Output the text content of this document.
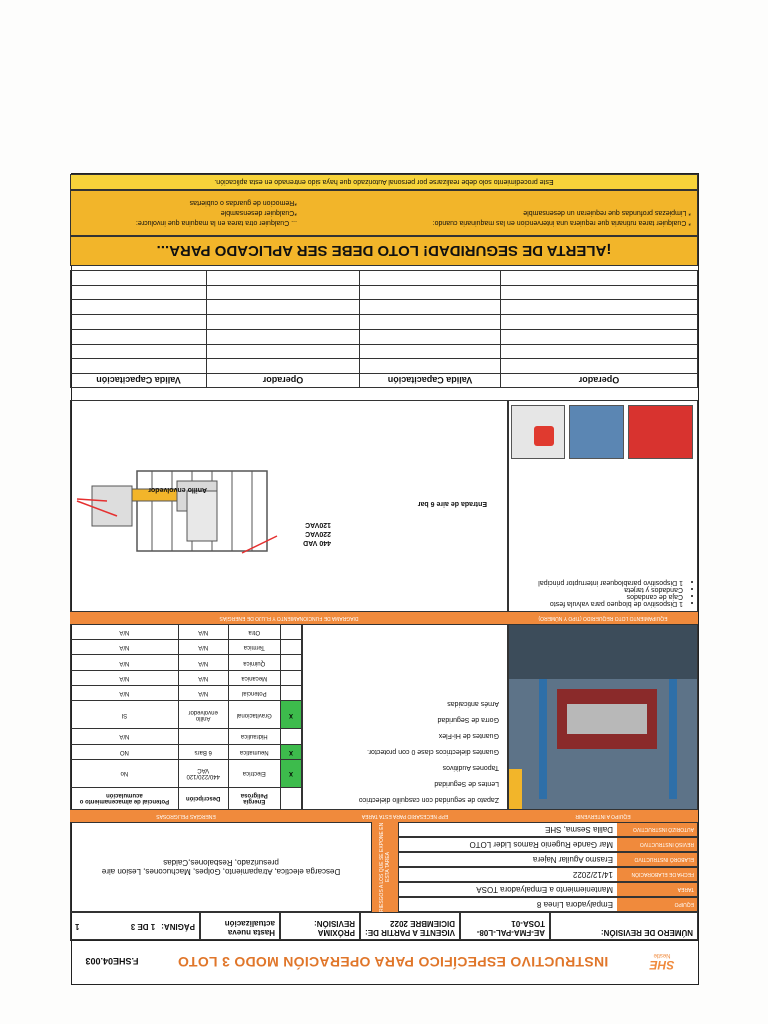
SHE
Nestle
INSTRUCTIVO ESPECÍFICO PARA OPERACIÓN MODO 3 LOTO
F.SHE04.003
NÚMERO DE REVISIÓN:
AE-FMA-PAL-L08-TOSA-01
VIGENTE A PARTIR DE:
DICIEMBRE 2022
PRÓXIMA REVISIÓN:
Hasta nueva actualización
PÁGINA:
1 DE 3
1
EQUIPO
Empalyadora Línea 8
TAREA
Manteniemiento a Empalyadora TOSA
FECHA DE ELABORACIÓN
14/12/2022
ELABORÓ INSTRUCTIVO
Erasmo Aguilar Najera
REVISÓ INSTRUCTIVO
Mar Gande Rugenio Ramos Lider LOTO
AUTORIZÓ INSTRUCTIVO
Dalila Sesma, SHE
RIESGOS A LOS QUE SE EXPONE EN ESTA TAREA
Descarga electica, Atrapamiento, Golpes, Machucones, Lesion aire presurizado, Resbalones,Caidas
EQUIPO A INTERVENIR
EPP NECESARIO PARA ESTA TAREA
ENERGÍAS PELIGROSAS
Zapato de seguridad con casquillo dielectrico
Lentes de Seguridad
Tapones Auditivos
Guantes dielectricos clase 0 con protector.
Guantes de Hi-Flex
Gorra de Seguridad
Arnés anticaidas
	Energía Peligrosa	Descripción	Potencial de almacenamiento o acumulación
X	Electrica	440/220/120 VAC	No
X	Neumatica	6 Bars	NO
	Hidraulica		N/A
X	Gravitacional	Anillo envolvedor	SI
	Potencial	N/A	N/A
	Mecanica	N/A	N/A
	Quimica	N/A	N/A
	Termica	N/A	N/A
	Otra	N/A	N/A
EQUIPAMIENTO LOTO REQUERIDO (TIPO Y NÚMERO)
DIAGRAMA DE FUNCIONAMIENTO Y FLUJO DE ENERGÍAS
• 1 Dispositivo de bloqueo para valvula festo
• Caja de candados
• Candados y tarjeta
• 1 Dispositivo parabloquear interruptor principal
Anillo envolvedor
Entrada de aire 6 bar
440 VAD
220VAC
120VAC
Operador	Valida Capacitación	Operador	Valida Capacitación

¡ALERTA DE SEGURIDAD! LOTO DEBE SER APLICADO PARA...
* Cualquier tarea rutinaria que requiera una intervencion en las maquinaria cuando:
* Limpiezas profundas que requieran un desensamble
... Cualquier otra tarea en la maquina que involucre:
*Cualquier desensamble
*Remocion de guardas o cubiertas
Este procedimiento solo debe realizarse por personal Autorizado que haya sido entrenado en esta aplicación.
